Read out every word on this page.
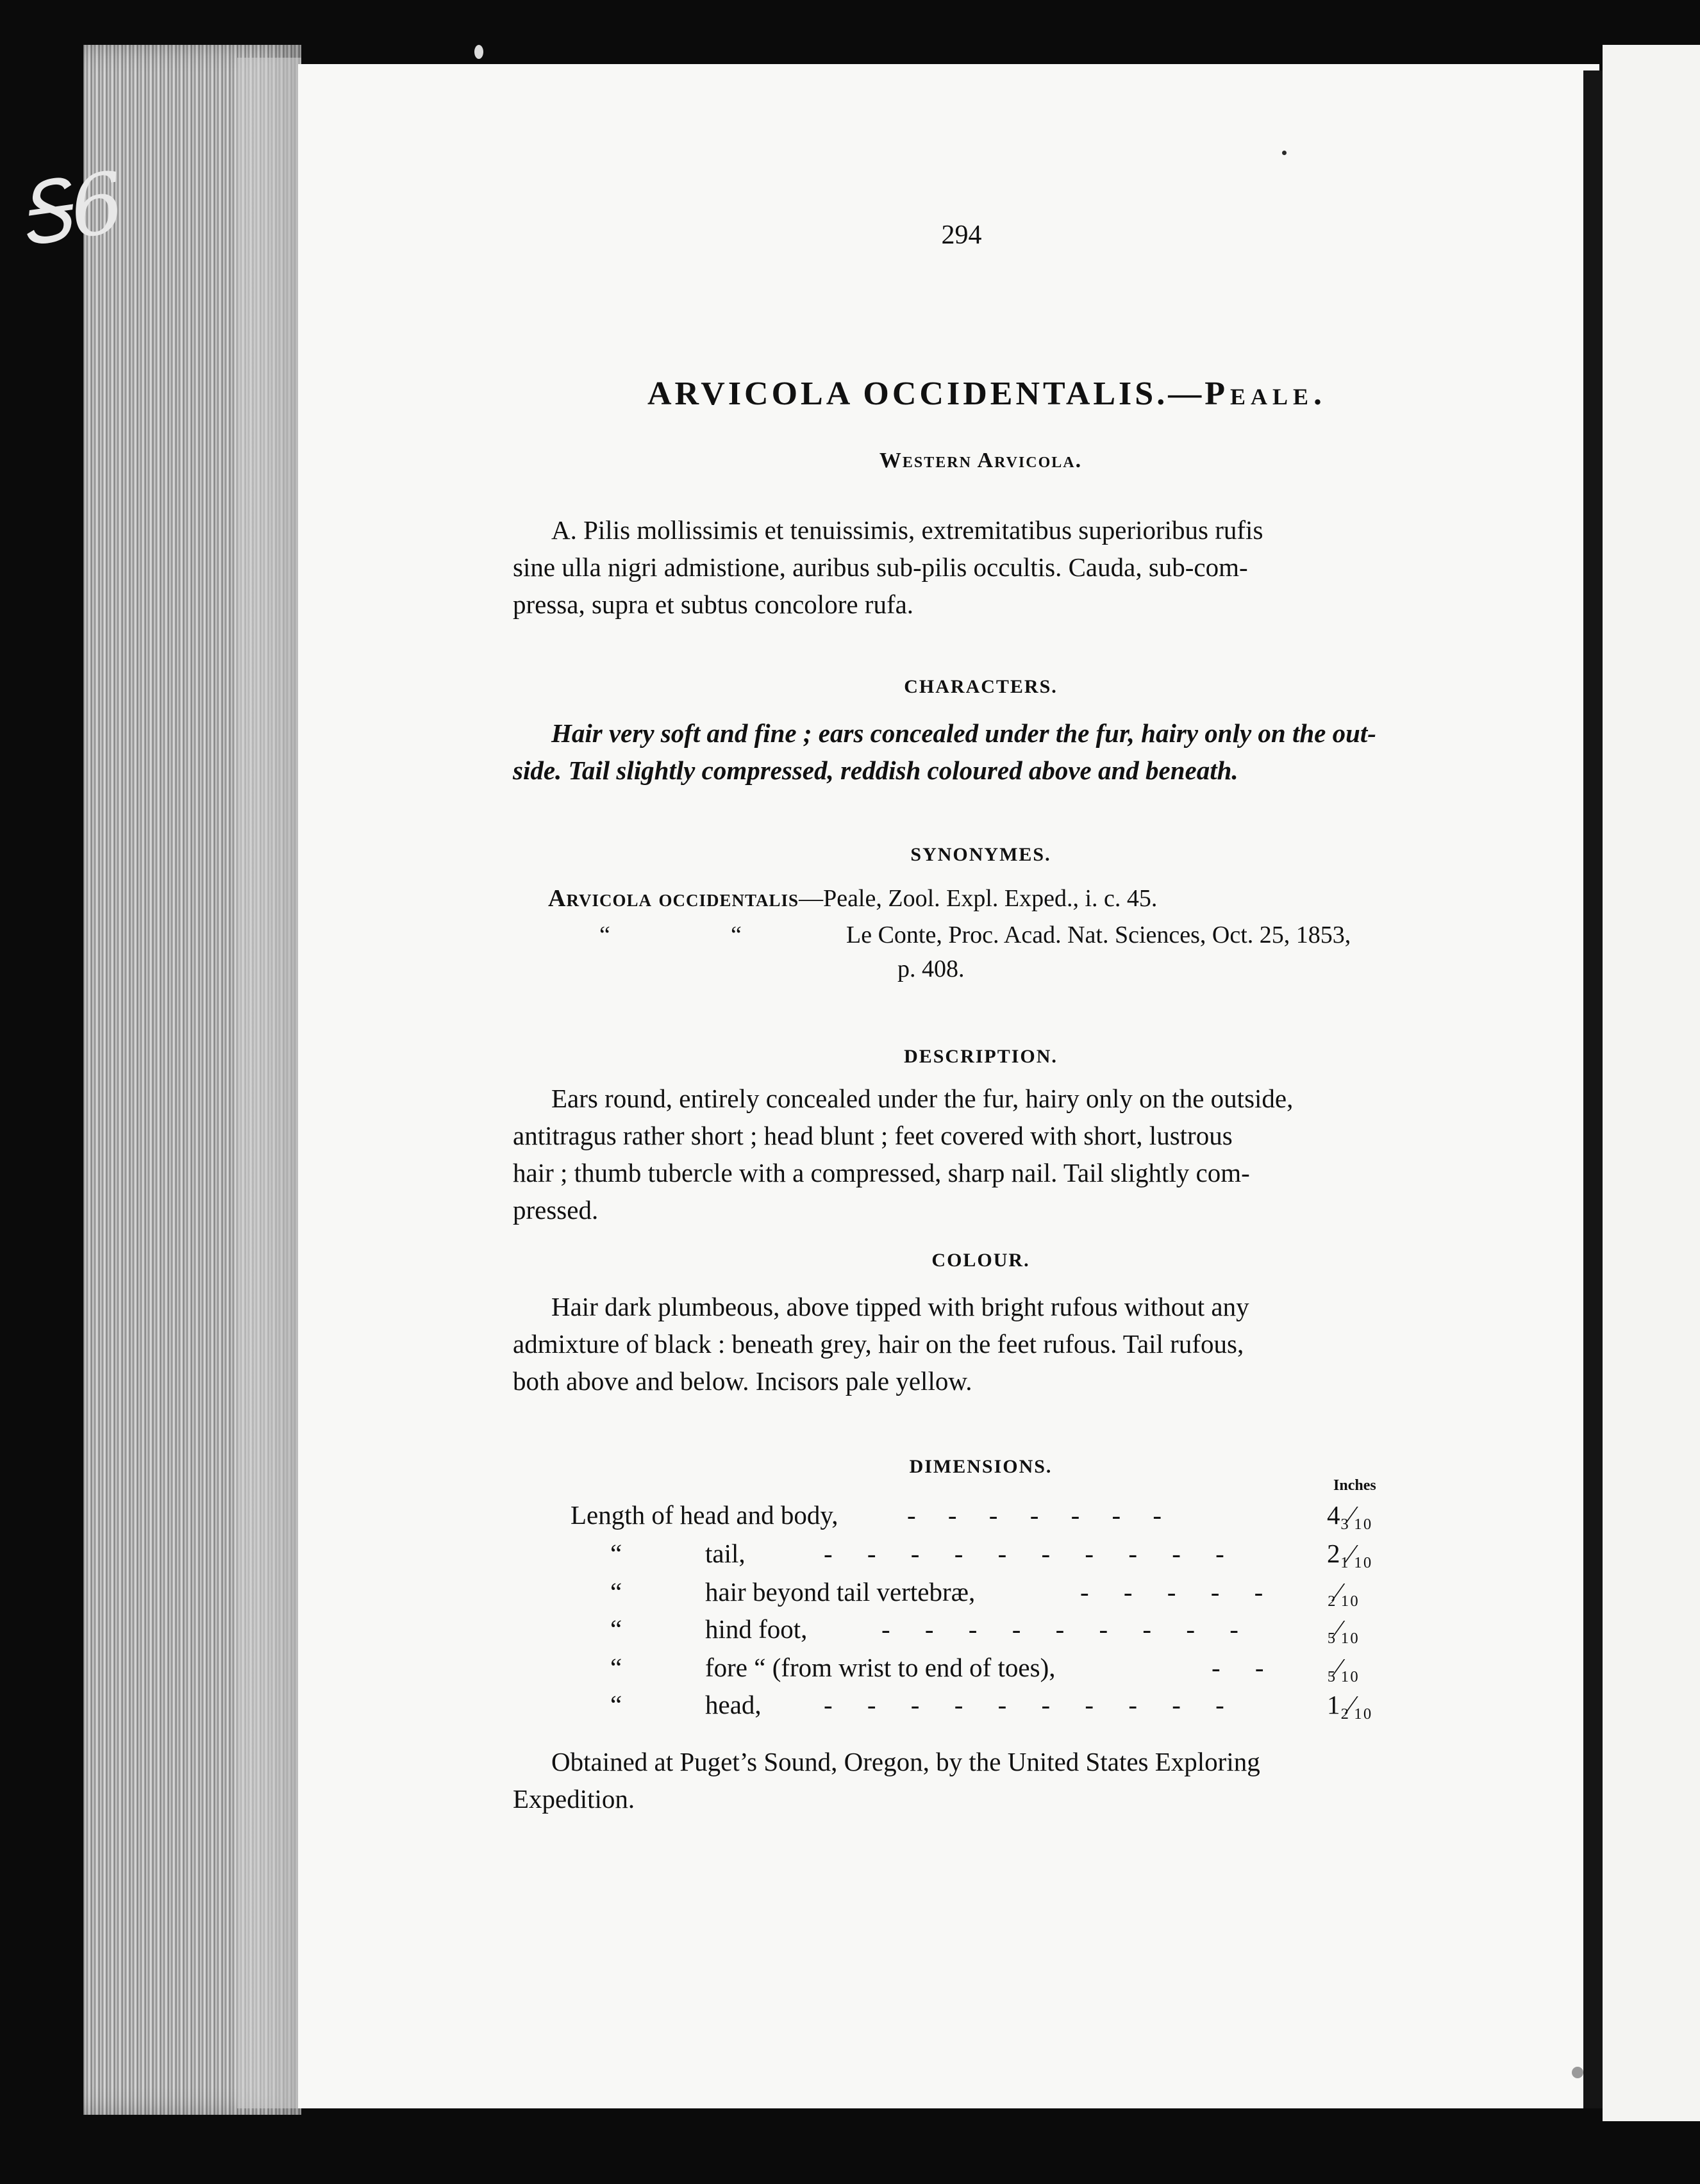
Ꭶ6	294
ARVICOLA OCCIDENTALIS.—Peale.
Western Arvicola.
A. Pilis mollissimis et tenuissimis, extremitatibus superioribus rufis
sine ulla nigri admistione, auribus sub-pilis occultis. Cauda, sub-com-
pressa, supra et subtus concolore rufa.
CHARACTERS.
Hair very soft and fine ; ears concealed under the fur, hairy only on the out-
side. Tail slightly compressed, reddish coloured above and beneath.
SYNONYMES.
Arvicola occidentalis—Peale, Zool. Expl. Exped., i. c. 45.
“	“	Le Conte, Proc. Acad. Nat. Sciences, Oct. 25, 1853,
p. 408.
DESCRIPTION.
Ears round, entirely concealed under the fur, hairy only on the outside,
antitragus rather short ; head blunt ; feet covered with short, lustrous
hair ; thumb tubercle with a compressed, sharp nail. Tail slightly com-
pressed.
COLOUR.
Hair dark plumbeous, above tipped with bright rufous without any
admixture of black : beneath grey, hair on the feet rufous. Tail rufous,
both above and below. Incisors pale yellow.
DIMENSIONS.
Inches
Length of head and body,	- - - - - - -	4₃⁄₁₀
“	tail,	- - - - - - - - - -	2₁⁄₁₀
“	hair beyond tail vertebræ,	- - - - - ₂⁄₁₀
“	hind foot,	- - - - - - - - -	₅⁄₁₀
“	fore “ (from wrist to end of toes),	- - ₅⁄₁₀
“	head, - - - - - - - - - -	1₂⁄₁₀
Obtained at Puget’s Sound, Oregon, by the United States Exploring
Expedition.
